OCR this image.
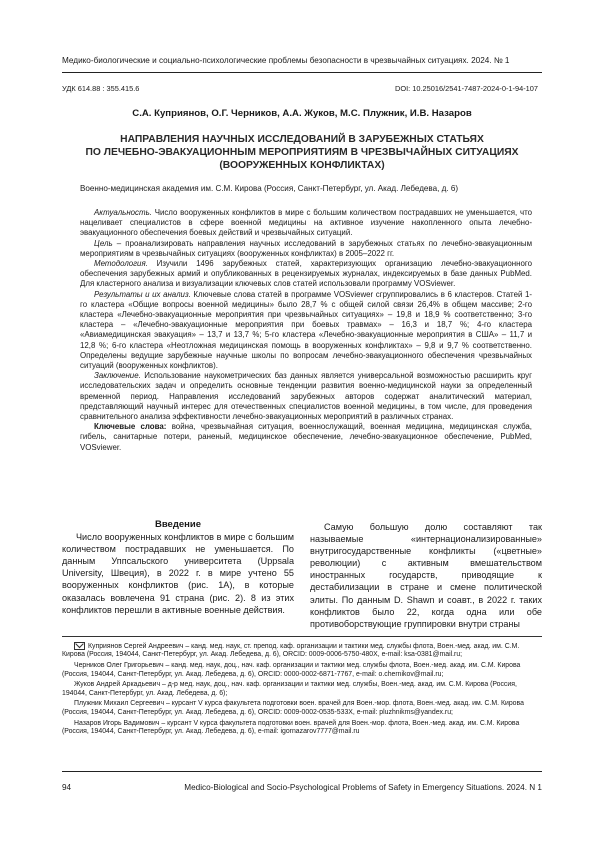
Медико-биологические и социально-психологические проблемы безопасности в чрезвычайных ситуациях. 2024. № 1
УДК 614.88 : 355.415.6	DOI: 10.25016/2541-7487-2024-0-1-94-107
С.А. Куприянов, О.Г. Черников, А.А. Жуков, М.С. Плужник, И.В. Назаров
НАПРАВЛЕНИЯ НАУЧНЫХ ИССЛЕДОВАНИЙ В ЗАРУБЕЖНЫХ СТАТЬЯХ
ПО ЛЕЧЕБНО-ЭВАКУАЦИОННЫМ МЕРОПРИЯТИЯМ В ЧРЕЗВЫЧАЙНЫХ СИТУАЦИЯХ
(ВООРУЖЕННЫХ КОНФЛИКТАХ)
Военно-медицинская академия им. С.М. Кирова (Россия, Санкт-Петербург, ул. Акад. Лебедева, д. 6)

Актуальность. Число вооруженных конфликтов в мире с большим количеством пострадавших не уменьшается, что нацеливает специалистов в сфере военной медицины на активное изучение накопленного опыта лечебно-эвакуационного обеспечения боевых действий и чрезвычайных ситуаций.

Цель – проанализировать направления научных исследований в зарубежных статьях по лечебно-эвакуационным мероприятиям в чрезвычайных ситуациях (вооруженных конфликтах) в 2005–2022 гг.

Методология. Изучили 1496 зарубежных статей, характеризующих организацию лечебно-эвакуационного обеспечения зарубежных армий и опубликованных в рецензируемых журналах, индексируемых в базе данных PubMed. Для кластерного анализа и визуализации ключевых слов статей использовали программу VOSviewer.

Результаты и их анализ. Ключевые слова статей в программе VOSviewer сгруппировались в 6 кластеров. Статей 1-го кластера «Общие вопросы военной медицины» было 28,7 % с общей силой связи 26,4% в общем массиве; 2-го кластера «Лечебно-эвакуационные мероприятия при чрезвычайных ситуациях» – 19,8 и 18,9 % соответственно; 3-го кластера – «Лечебно-эвакуационные мероприятия при боевых травмах» – 16,3 и 18,7 %; 4-го кластера «Авиамедицинская эвакуация» – 13,7 и 13,7 %; 5-го кластера «Лечебно-эвакуационные мероприятия в США» – 11,7 и 12,8 %; 6-го кластера «Неотложная медицинская помощь в вооруженных конфликтах» – 9,8 и 9,7 % соответственно. Определены ведущие зарубежные научные школы по вопросам лечебно-эвакуационного обеспечения чрезвычайных ситуаций (вооруженных конфликтов).

Заключение. Использование наукометрических баз данных является универсальной возможностью расширить круг исследовательских задач и определить основные тенденции развития военно-медицинской науки за определенный временной период. Направления исследований зарубежных авторов содержат аналитический материал, представляющий научный интерес для отечественных специалистов военной медицины, в том числе, для проведения сравнительного анализа эффективности лечебно-эвакуационных мероприятий в различных странах.

Ключевые слова: война, чрезвычайная ситуация, военнослужащий, военная медицина, медицинская служба, гибель, санитарные потери, раненый, медицинское обеспечение, лечебно-эвакуационное обеспечение, PubMed, VOSviewer.

Введение

Число вооруженных конфликтов в мире с большим количеством пострадавших не уменьшается. По данным Уппсальского университета (Uppsala University, Швеция), в 2022 г. в мире учтено 55 вооруженных конфликтов (рис. 1А), в которые оказалась вовлечена 91 страна (рис. 2). 8 из этих конфликтов перешли в активные военные действия.

Самую большую долю составляют так называемые «интернационализированные» внутригосударственные конфликты («цветные» революции) с активным вмешательством иностранных государств, приводящие к дестабилизации в стране и смене политической элиты. По данным D. Shawn и соавт., в 2022 г. таких конфликтов было 22, когда одна или обе противоборствующие группировки внутри страны

Куприянов Сергей Андреевич – канд. мед. наук, ст. препод. каф. организации и тактики мед. службы флота, Воен.-мед. акад. им. С.М. Кирова (Россия, 194044, Санкт-Петербург, ул. Акад. Лебедева, д. 6), ORCID: 0009-0006-5750-480X, e-mail: ksa-0381@mail.ru;

Черников Олег Григорьевич – канд. мед. наук, доц., нач. каф. организации и тактики мед. службы флота, Воен.-мед. акад. им. С.М. Кирова (Россия, 194044, Санкт-Петербург, ул. Акад. Лебедева, д. 6), ORCID: 0000-0002-6871-7767, e-mail: o.chernikov@mail.ru;

Жуков Андрей Аркадьевич – д-р мед. наук, доц., нач. каф. организации и тактики мед. службы, Воен.-мед. акад. им. С.М. Кирова (Россия, 194044, Санкт-Петербург, ул. Акад. Лебедева, д. 6);

Плужник Михаил Сергеевич – курсант V курса факультета подготовки воен. врачей для Воен.-мор. флота, Воен.-мед. акад. им. С.М. Кирова (Россия, 194044, Санкт-Петербург, ул. Акад. Лебедева, д. 6), ORCID: 0009-0002-0535-533X, e-mail: pluzhnikms@yandex.ru;

Назаров Игорь Вадимович – курсант V курса факультета подготовки воен. врачей для Воен.-мор. флота, Воен.-мед. акад. им. С.М. Кирова (Россия, 194044, Санкт-Петербург, ул. Акад. Лебедева, д. 6), e-mail: igornazarov7777@mail.ru

94	Medico-Biological and Socio-Psychological Problems of Safety in Emergency Situations. 2024. N 1
